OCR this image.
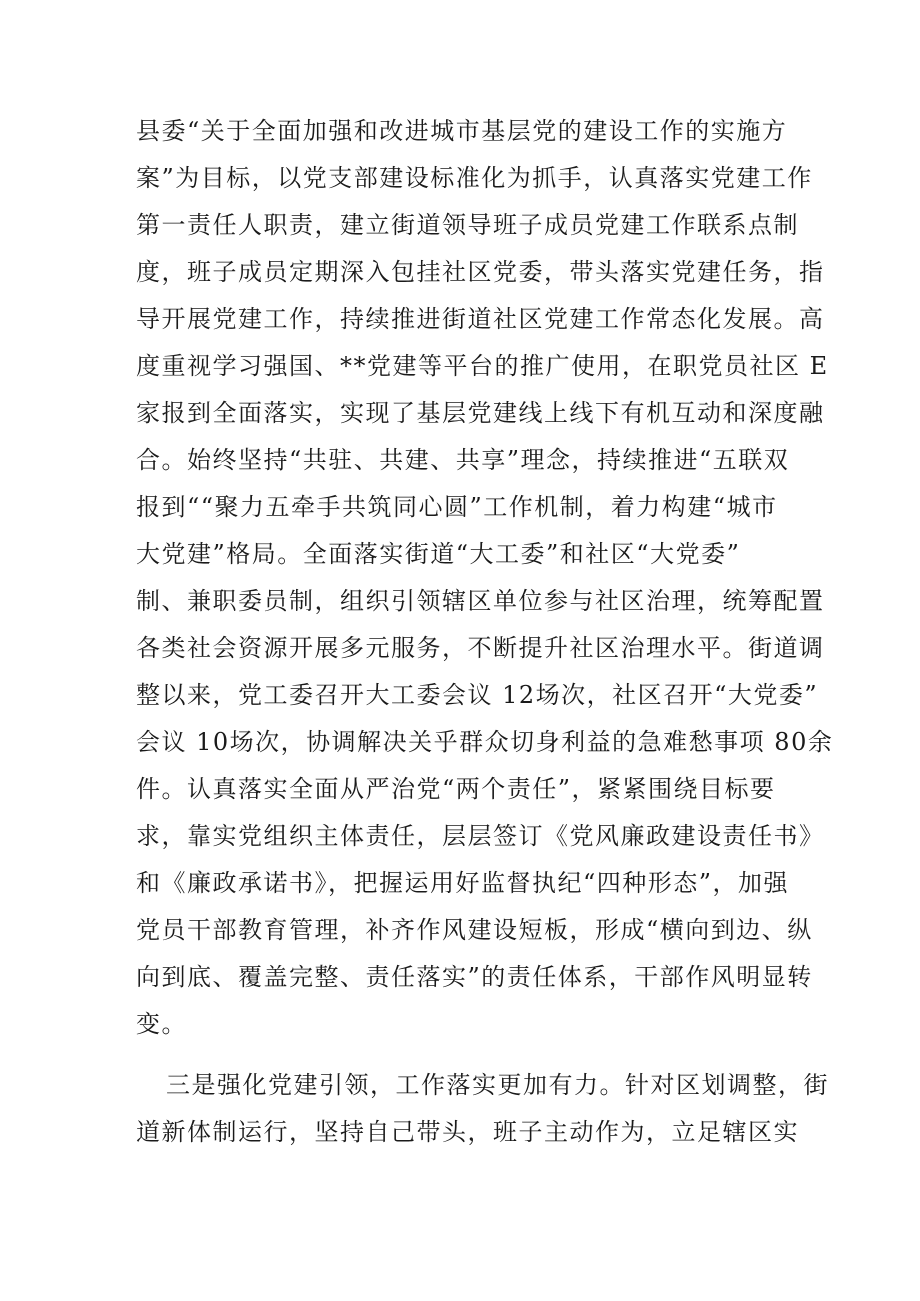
县委“关于全面加强和改进城市基层党的建设工作的实施方
案”为目标，以党支部建设标准化为抓手，认真落实党建工作
第一责任人职责，建立街道领导班子成员党建工作联系点制
度，班子成员定期深入包挂社区党委，带头落实党建任务，指
导开展党建工作，持续推进街道社区党建工作常态化发展。高
度重视学习强国、**党建等平台的推广使用，在职党员社区 E
家报到全面落实，实现了基层党建线上线下有机互动和深度融
合。始终坚持“共驻、共建、共享”理念，持续推进“五联双
报到““聚力五牵手共筑同心圆”工作机制，着力构建“城市
大党建”格局。全面落实街道“大工委”和社区“大党委”
制、兼职委员制，组织引领辖区单位参与社区治理，统筹配置
各类社会资源开展多元服务，不断提升社区治理水平。街道调
整以来，党工委召开大工委会议 12场次，社区召开“大党委”
会议 10场次，协调解决关乎群众切身利益的急难愁事项 80余
件。认真落实全面从严治党“两个责任”，紧紧围绕目标要
求，靠实党组织主体责任，层层签订《党风廉政建设责任书》
和《廉政承诺书》，把握运用好监督执纪“四种形态”，加强
党员干部教育管理，补齐作风建设短板，形成“横向到边、纵
向到底、覆盖完整、责任落实”的责任体系，干部作风明显转
变。
三是强化党建引领，工作落实更加有力。针对区划调整，街
道新体制运行，坚持自己带头，班子主动作为，立足辖区实
